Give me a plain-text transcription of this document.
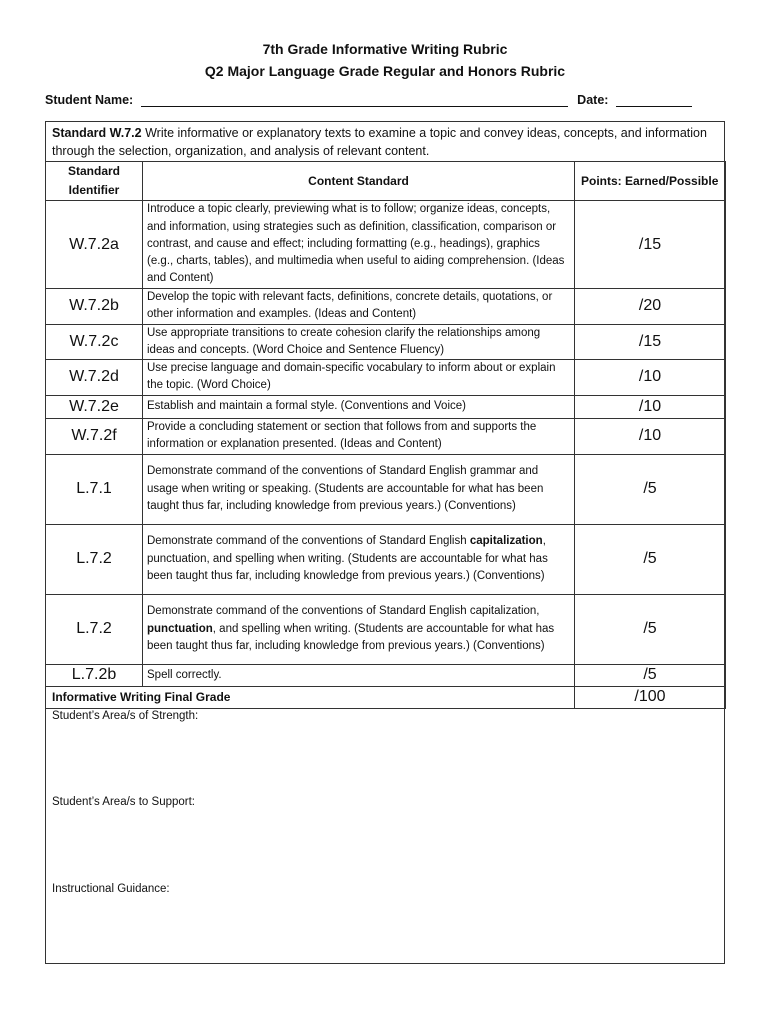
7th Grade Informative Writing Rubric
Q2 Major Language Grade Regular and Honors Rubric
Student Name:	Date:
Standard W.7.2 Write informative or explanatory texts to examine a topic and convey ideas, concepts, and information through the selection, organization, and analysis of relevant content.
Standard Identifier	Content Standard	Points: Earned/Possible
W.7.2a	Introduce a topic clearly, previewing what is to follow; organize ideas, concepts, and information, using strategies such as definition, classification, comparison or contrast, and cause and effect; including formatting (e.g., headings), graphics (e.g., charts, tables), and multimedia when useful to aiding comprehension. (Ideas and Content)	/15
W.7.2b	Develop the topic with relevant facts, definitions, concrete details, quotations, or other information and examples. (Ideas and Content)	/20
W.7.2c	Use appropriate transitions to create cohesion clarify the relationships among ideas and concepts. (Word Choice and Sentence Fluency)	/15
W.7.2d	Use precise language and domain-specific vocabulary to inform about or explain the topic. (Word Choice)	/10
W.7.2e	Establish and maintain a formal style. (Conventions and Voice)	/10
W.7.2f	Provide a concluding statement or section that follows from and supports the information or explanation presented. (Ideas and Content)	/10
L.7.1	Demonstrate command of the conventions of Standard English grammar and usage when writing or speaking. (Students are accountable for what has been taught thus far, including knowledge from previous years.) (Conventions)	/5
L.7.2	Demonstrate command of the conventions of Standard English capitalization, punctuation, and spelling when writing. (Students are accountable for what has been taught thus far, including knowledge from previous years.) (Conventions)	/5
L.7.2	Demonstrate command of the conventions of Standard English capitalization, punctuation, and spelling when writing. (Students are accountable for what has been taught thus far, including knowledge from previous years.) (Conventions)	/5
L.7.2b	Spell correctly.	/5
Informative Writing Final Grade		/100
Student’s Area/s of Strength:
Student’s Area/s to Support:
Instructional Guidance:
